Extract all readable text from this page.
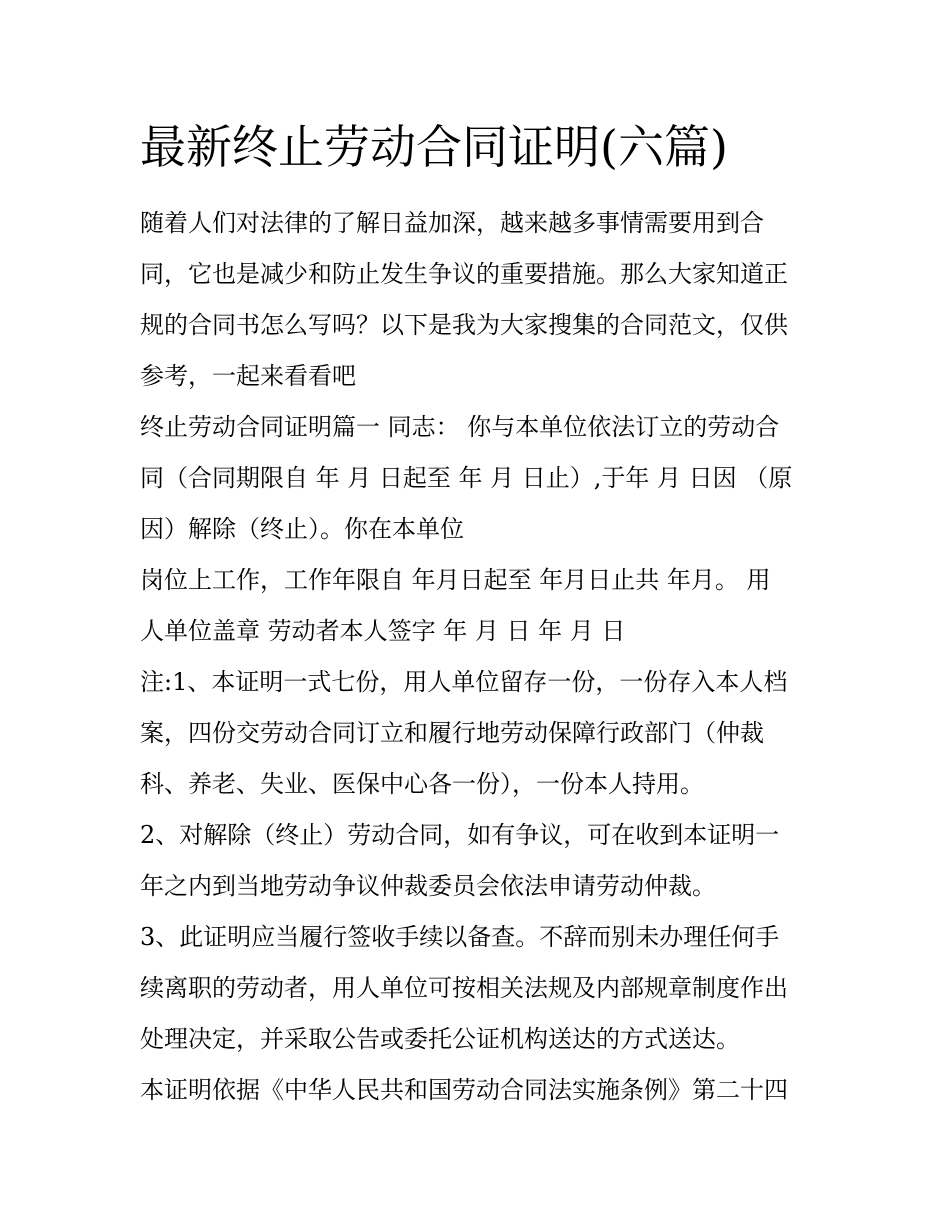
最新终止劳动合同证明(六篇)
随着人们对法律的了解日益加深，越来越多事情需要用到合
同，它也是减少和防止发生争议的重要措施。那么大家知道正
规的合同书怎么写吗？以下是我为大家搜集的合同范文，仅供
参考，一起来看看吧
终止劳动合同证明篇一 同志： 你与本单位依法订立的劳动合
同（合同期限自 年 月 日起至 年 月 日止）,于年 月 日因 （原
因）解除（终止）。你在本单位
岗位上工作，工作年限自 年月日起至 年月日止共 年月。 用
人单位盖章 劳动者本人签字 年 月 日 年 月 日
注:1、本证明一式七份，用人单位留存一份，一份存入本人档
案，四份交劳动合同订立和履行地劳动保障行政部门（仲裁
科、养老、失业、医保中心各一份），一份本人持用。
2、对解除（终止）劳动合同，如有争议，可在收到本证明一
年之内到当地劳动争议仲裁委员会依法申请劳动仲裁。
3、此证明应当履行签收手续以备查。不辞而别未办理任何手
续离职的劳动者，用人单位可按相关法规及内部规章制度作出
处理决定，并采取公告或委托公证机构送达的方式送达。
本证明依据《中华人民共和国劳动合同法实施条例》第二十四
